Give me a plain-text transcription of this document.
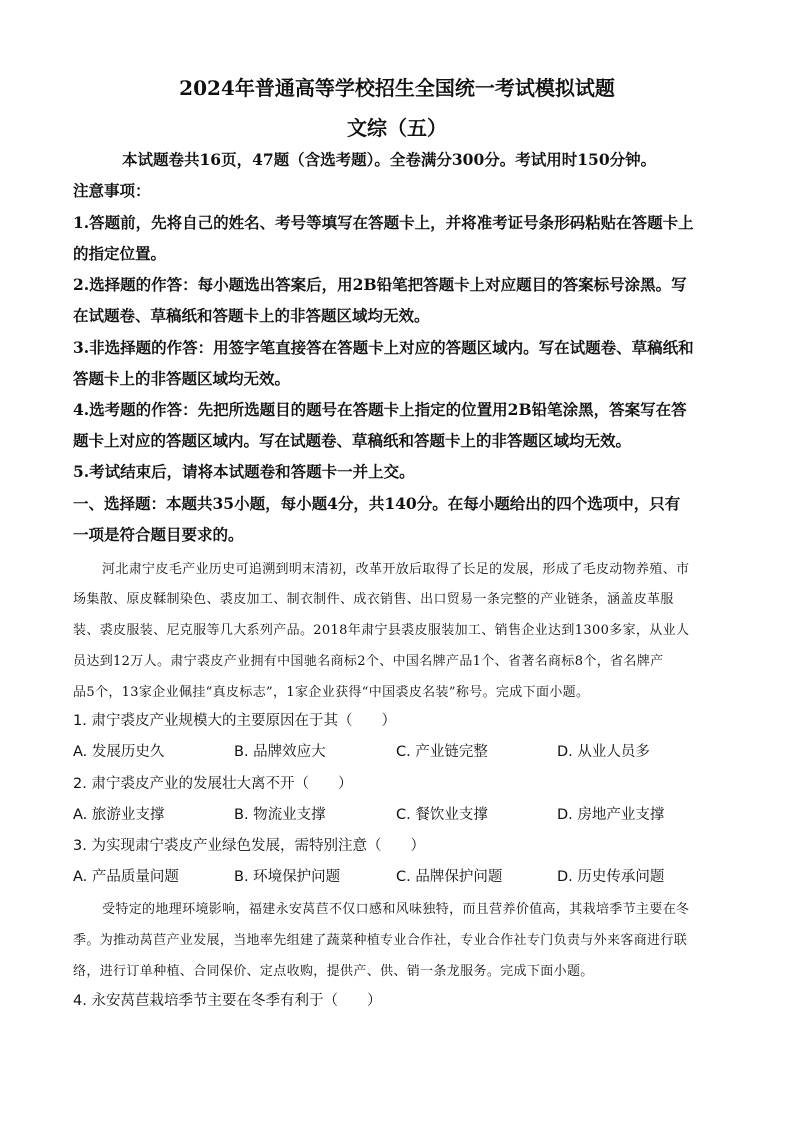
2024年普通高等学校招生全国统一考试模拟试题
文综（五）
本试题卷共16页，47题（含选考题）。全卷满分300分。考试用时150分钟。
注意事项：
1.答题前，先将自己的姓名、考号等填写在答题卡上，并将准考证号条形码粘贴在答题卡上
的指定位置。
2.选择题的作答：每小题选出答案后，用2B铅笔把答题卡上对应题目的答案标号涂黑。写
在试题卷、草稿纸和答题卡上的非答题区域均无效。
3.非选择题的作答：用签字笔直接答在答题卡上对应的答题区域内。写在试题卷、草稿纸和
答题卡上的非答题区域均无效。
4.选考题的作答：先把所选题目的题号在答题卡上指定的位置用2B铅笔涂黑，答案写在答
题卡上对应的答题区域内。写在试题卷、草稿纸和答题卡上的非答题区域均无效。
5.考试结束后，请将本试题卷和答题卡一并上交。
一、选择题：本题共35小题，每小题4分，共140分。在每小题给出的四个选项中，只有
一项是符合题目要求的。
河北肃宁皮毛产业历史可追溯到明末清初，改革开放后取得了长足的发展，形成了毛皮动物养殖、市
场集散、原皮鞣制染色、裘皮加工、制衣制件、成衣销售、出口贸易一条完整的产业链条，涵盖皮革服
装、裘皮服装、尼克服等几大系列产品。2018年肃宁县裘皮服装加工、销售企业达到1300多家，从业人
员达到12万人。肃宁裘皮产业拥有中国驰名商标2个、中国名牌产品1个、省著名商标8个，省名牌产
品5个，13家企业佩挂“真皮标志”，1家企业获得“中国裘皮名装”称号。完成下面小题。
1. 肃宁裘皮产业规模大的主要原因在于其（　　）
A. 发展历史久	B. 品牌效应大	C. 产业链完整	D. 从业人员多
2. 肃宁裘皮产业的发展壮大离不开（　　）
A. 旅游业支撑	B. 物流业支撑	C. 餐饮业支撑	D. 房地产业支撑
3. 为实现肃宁裘皮产业绿色发展，需特别注意（　　）
A. 产品质量问题	B. 环境保护问题	C. 品牌保护问题	D. 历史传承问题
受特定的地理环境影响，福建永安莴苣不仅口感和风味独特，而且营养价值高，其栽培季节主要在冬
季。为推动莴苣产业发展，当地率先组建了蔬菜种植专业合作社，专业合作社专门负责与外来客商进行联
络，进行订单种植、合同保价、定点收购，提供产、供、销一条龙服务。完成下面小题。
4. 永安莴苣栽培季节主要在冬季有利于（　　）
